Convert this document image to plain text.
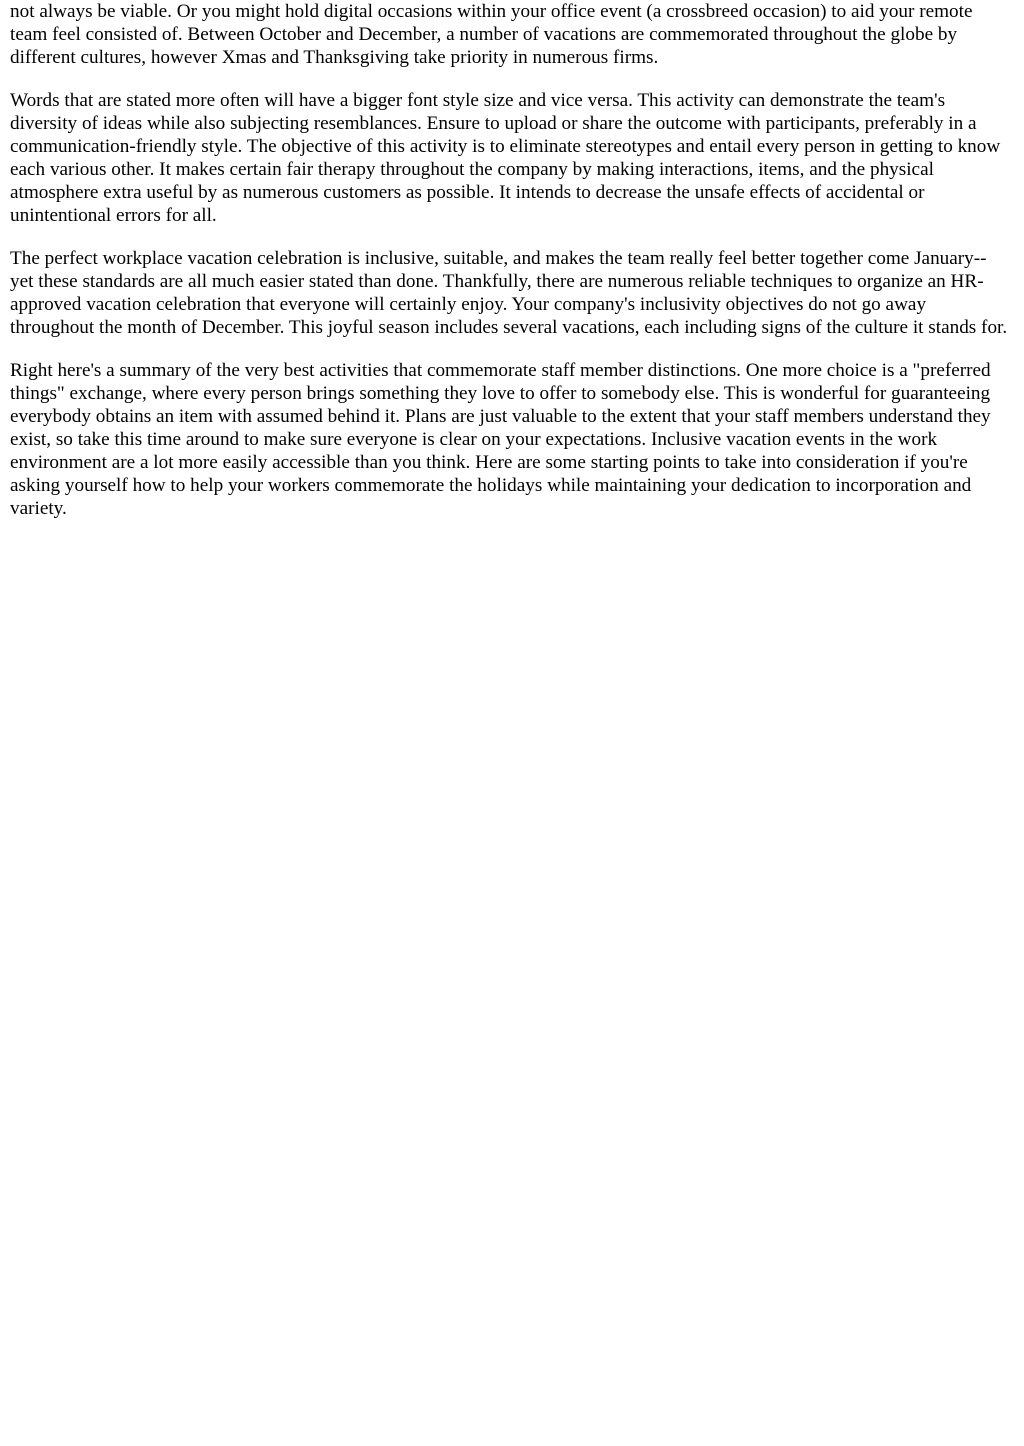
not always be viable. Or you might hold digital occasions within your office event (a crossbreed occasion) to aid your remote team feel consisted of. Between October and December, a number of vacations are commemorated throughout the globe by different cultures, however Xmas and Thanksgiving take priority in numerous firms.

Words that are stated more often will have a bigger font style size and vice versa. This activity can demonstrate the team's diversity of ideas while also subjecting resemblances. Ensure to upload or share the outcome with participants, preferably in a communication-friendly style. The objective of this activity is to eliminate stereotypes and entail every person in getting to know each various other. It makes certain fair therapy throughout the company by making interactions, items, and the physical atmosphere extra useful by as numerous customers as possible. It intends to decrease the unsafe effects of accidental or unintentional errors for all.

The perfect workplace vacation celebration is inclusive, suitable, and makes the team really feel better together come January-- yet these standards are all much easier stated than done. Thankfully, there are numerous reliable techniques to organize an HR-approved vacation celebration that everyone will certainly enjoy. Your company's inclusivity objectives do not go away throughout the month of December. This joyful season includes several vacations, each including signs of the culture it stands for.

Right here's a summary of the very best activities that commemorate staff member distinctions. One more choice is a "preferred things" exchange, where every person brings something they love to offer to somebody else. This is wonderful for guaranteeing everybody obtains an item with assumed behind it. Plans are just valuable to the extent that your staff members understand they exist, so take this time around to make sure everyone is clear on your expectations. Inclusive vacation events in the work environment are a lot more easily accessible than you think. Here are some starting points to take into consideration if you're asking yourself how to help your workers commemorate the holidays while maintaining your dedication to incorporation and variety.
